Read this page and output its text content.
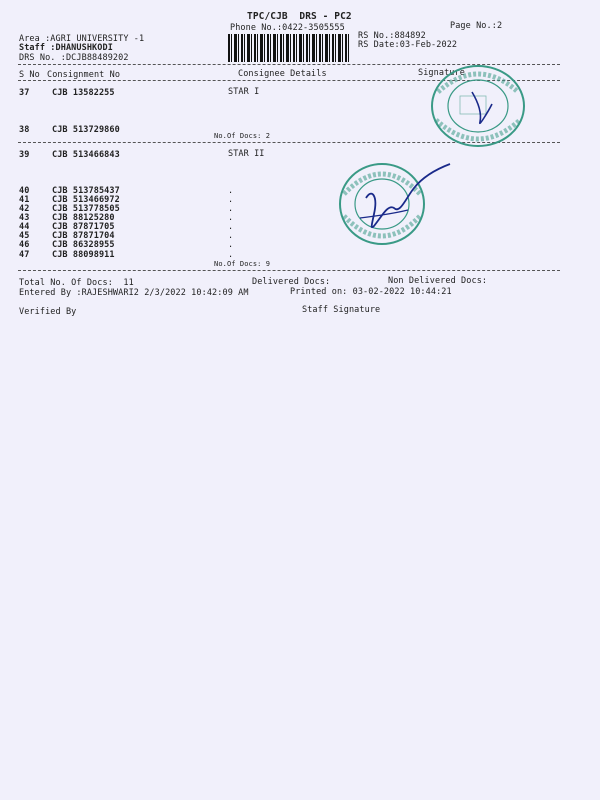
TPC/CJB  DRS - PC2
Phone No.:0422-3505555	Page No.:2
Area :AGRI UNIVERSITY -1
Staff :DHANUSHKODI
DRS No. :DCJB88489202
RS No.:884892
RS Date:03-Feb-2022
S No Consignment No	Consignee Details	Signature
37	CJB 13582255	STAR I
38	CJB 513729860
No.Of Docs: 2
39	CJB 513466843	STAR II
40	CJB 513785437	.
41	CJB 513466972	.
42	CJB 513778505	.
43	CJB 88125280	.
44	CJB 87871705	.
45	CJB 87871704	.
46	CJB 86328955	.
47	CJB 88098911	.
No.Of Docs: 9
Total No. Of Docs:  11	Delivered Docs:	Non Delivered Docs:
Entered By :RAJESHWARI2 2/3/2022 10:42:09 AM	Printed on: 03-02-2022 10:44:21
Verified By	Staff Signature
